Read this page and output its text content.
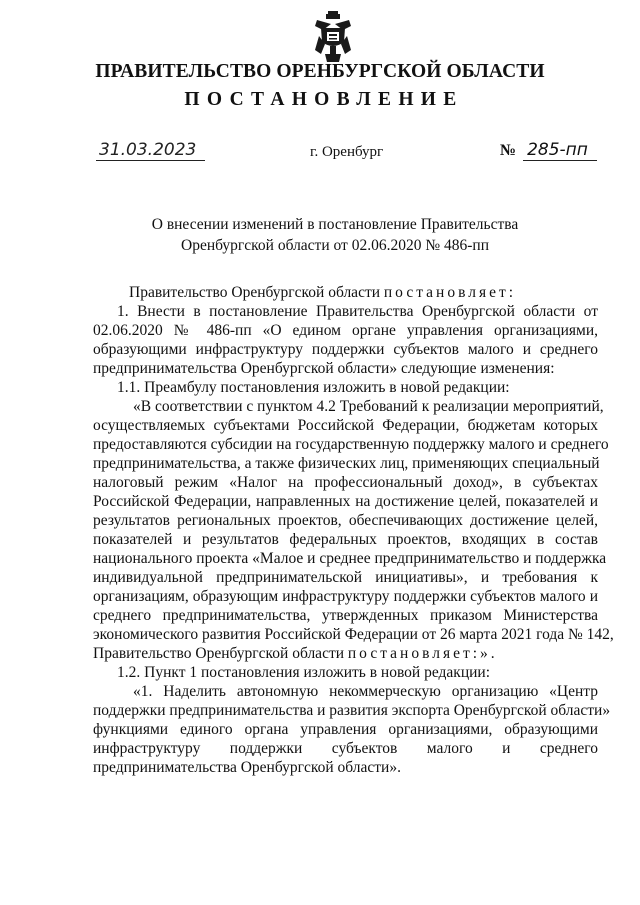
ПРАВИТЕЛЬСТВО ОРЕНБУРГСКОЙ ОБЛАСТИ
ПОСТАНОВЛЕНИЕ
31.03.2023	г. Оренбург	№ 285-пп
О внесении изменений в постановление Правительства
Оренбургской области от 02.06.2020 № 486-пп
Правительство Оренбургской области постановляет:
1. Внести в постановление Правительства Оренбургской области от
02.06.2020 № 486-пп «О едином органе управления организациями,
образующими инфраструктуру поддержки субъектов малого и среднего
предпринимательства Оренбургской области» следующие изменения:
1.1. Преамбулу постановления изложить в новой редакции:
«В соответствии с пунктом 4.2 Требований к реализации мероприятий,
осуществляемых субъектами Российской Федерации, бюджетам которых
предоставляются субсидии на государственную поддержку малого и среднего
предпринимательства, а также физических лиц, применяющих специальный
налоговый режим «Налог на профессиональный доход», в субъектах
Российской Федерации, направленных на достижение целей, показателей и
результатов региональных проектов, обеспечивающих достижение целей,
показателей и результатов федеральных проектов, входящих в состав
национального проекта «Малое и среднее предпринимательство и поддержка
индивидуальной предпринимательской инициативы», и требования к
организациям, образующим инфраструктуру поддержки субъектов малого и
среднего предпринимательства, утвержденных приказом Министерства
экономического развития Российской Федерации от 26 марта 2021 года № 142,
Правительство Оренбургской области постановляет:».
1.2. Пункт 1 постановления изложить в новой редакции:
«1. Наделить автономную некоммерческую организацию «Центр
поддержки предпринимательства и развития экспорта Оренбургской области»
функциями единого органа управления организациями, образующими
инфраструктуру поддержки субъектов малого и среднего
предпринимательства Оренбургской области».
